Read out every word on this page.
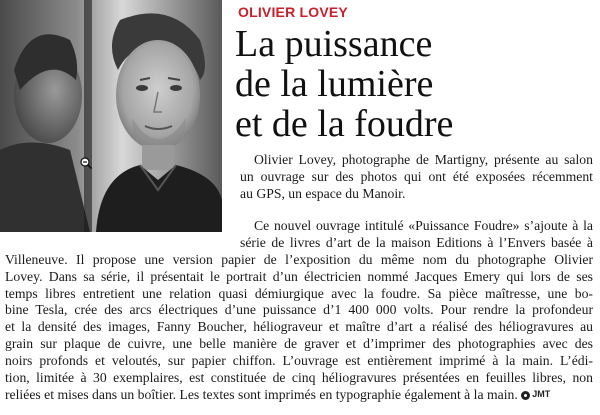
OLIVIER LOVEY

La puissance
de la lumière
et de la foudre
Olivier Lovey, photographe de Martigny, présente au salon
un ouvrage sur des photos qui ont été exposées récemment
au GPS, un espace du Manoir.
Ce nouvel ouvrage intitulé «Puissance Foudre» s’ajoute à la
série de livres d’art de la maison Editions à l’Envers basée à
Villeneuve. Il propose une version papier de l’exposition du même nom du photographe Olivier
Lovey. Dans sa série, il présentait le portrait d’un électricien nommé Jacques Emery qui lors de ses
temps libres entretient une relation quasi démiurgique avec la foudre. Sa pièce maîtresse, une bo-
bine Tesla, crée des arcs électriques d’une puissance d’1 400 000 volts. Pour rendre la profondeur
et la densité des images, Fanny Boucher, héliograveur et maître d’art a réalisé des héliogravures au
grain sur plaque de cuivre, une belle manière de graver et d’imprimer des photographies avec des
noirs profonds et veloutés, sur papier chiffon. L’ouvrage est entièrement imprimé à la main. L’édi-
tion, limitée à 30 exemplaires, est constituée de cinq héliogravures présentées en feuilles libres, non
reliées et mises dans un boîtier. Les textes sont imprimés en typographie également à la main. JMT
